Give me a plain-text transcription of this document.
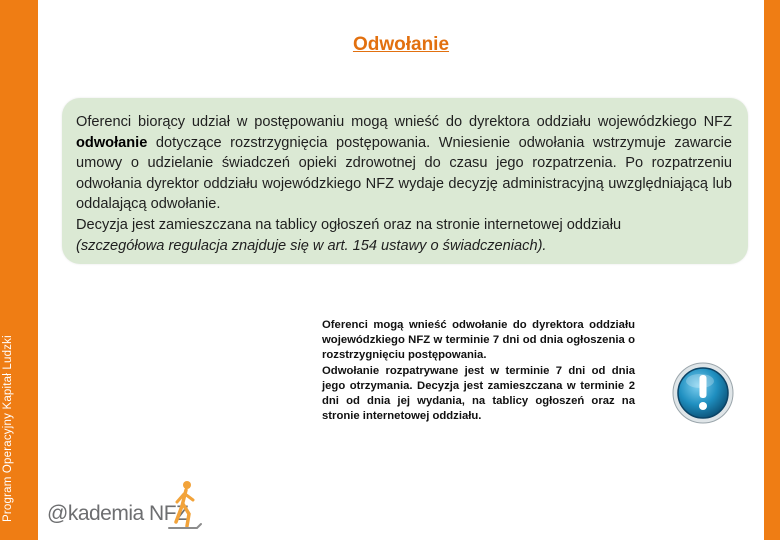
Program Operacyjny Kapitał Ludzki
Odwołanie

Oferenci biorący udział w postępowaniu mogą wnieść do dyrektora oddziału wojewódzkiego NFZ odwołanie dotyczące rozstrzygnięcia postępowania. Wniesienie odwołania wstrzymuje zawarcie umowy o udzielanie świadczeń opieki zdrowotnej do czasu jego rozpatrzenia. Po rozpatrzeniu odwołania dyrektor oddziału wojewódzkiego NFZ wydaje decyzję administracyjną uwzględniającą lub oddalającą odwołanie.

Decyzja jest zamieszczana na tablicy ogłoszeń oraz na stronie internetowej oddziału

(szczegółowa regulacja znajduje się w art. 154 ustawy o świadczeniach).

Oferenci mogą wnieść odwołanie do dyrektora oddziału wojewódzkiego NFZ w terminie 7 dni od dnia ogłoszenia o rozstrzygnięciu postępowania.

Odwołanie rozpatrywane jest w terminie 7 dni od dnia jego otrzymania. Decyzja jest zamieszczana w terminie 2 dni od dnia jej wydania, na tablicy ogłoszeń oraz na stronie internetowej oddziału.

@kademia NFZ
